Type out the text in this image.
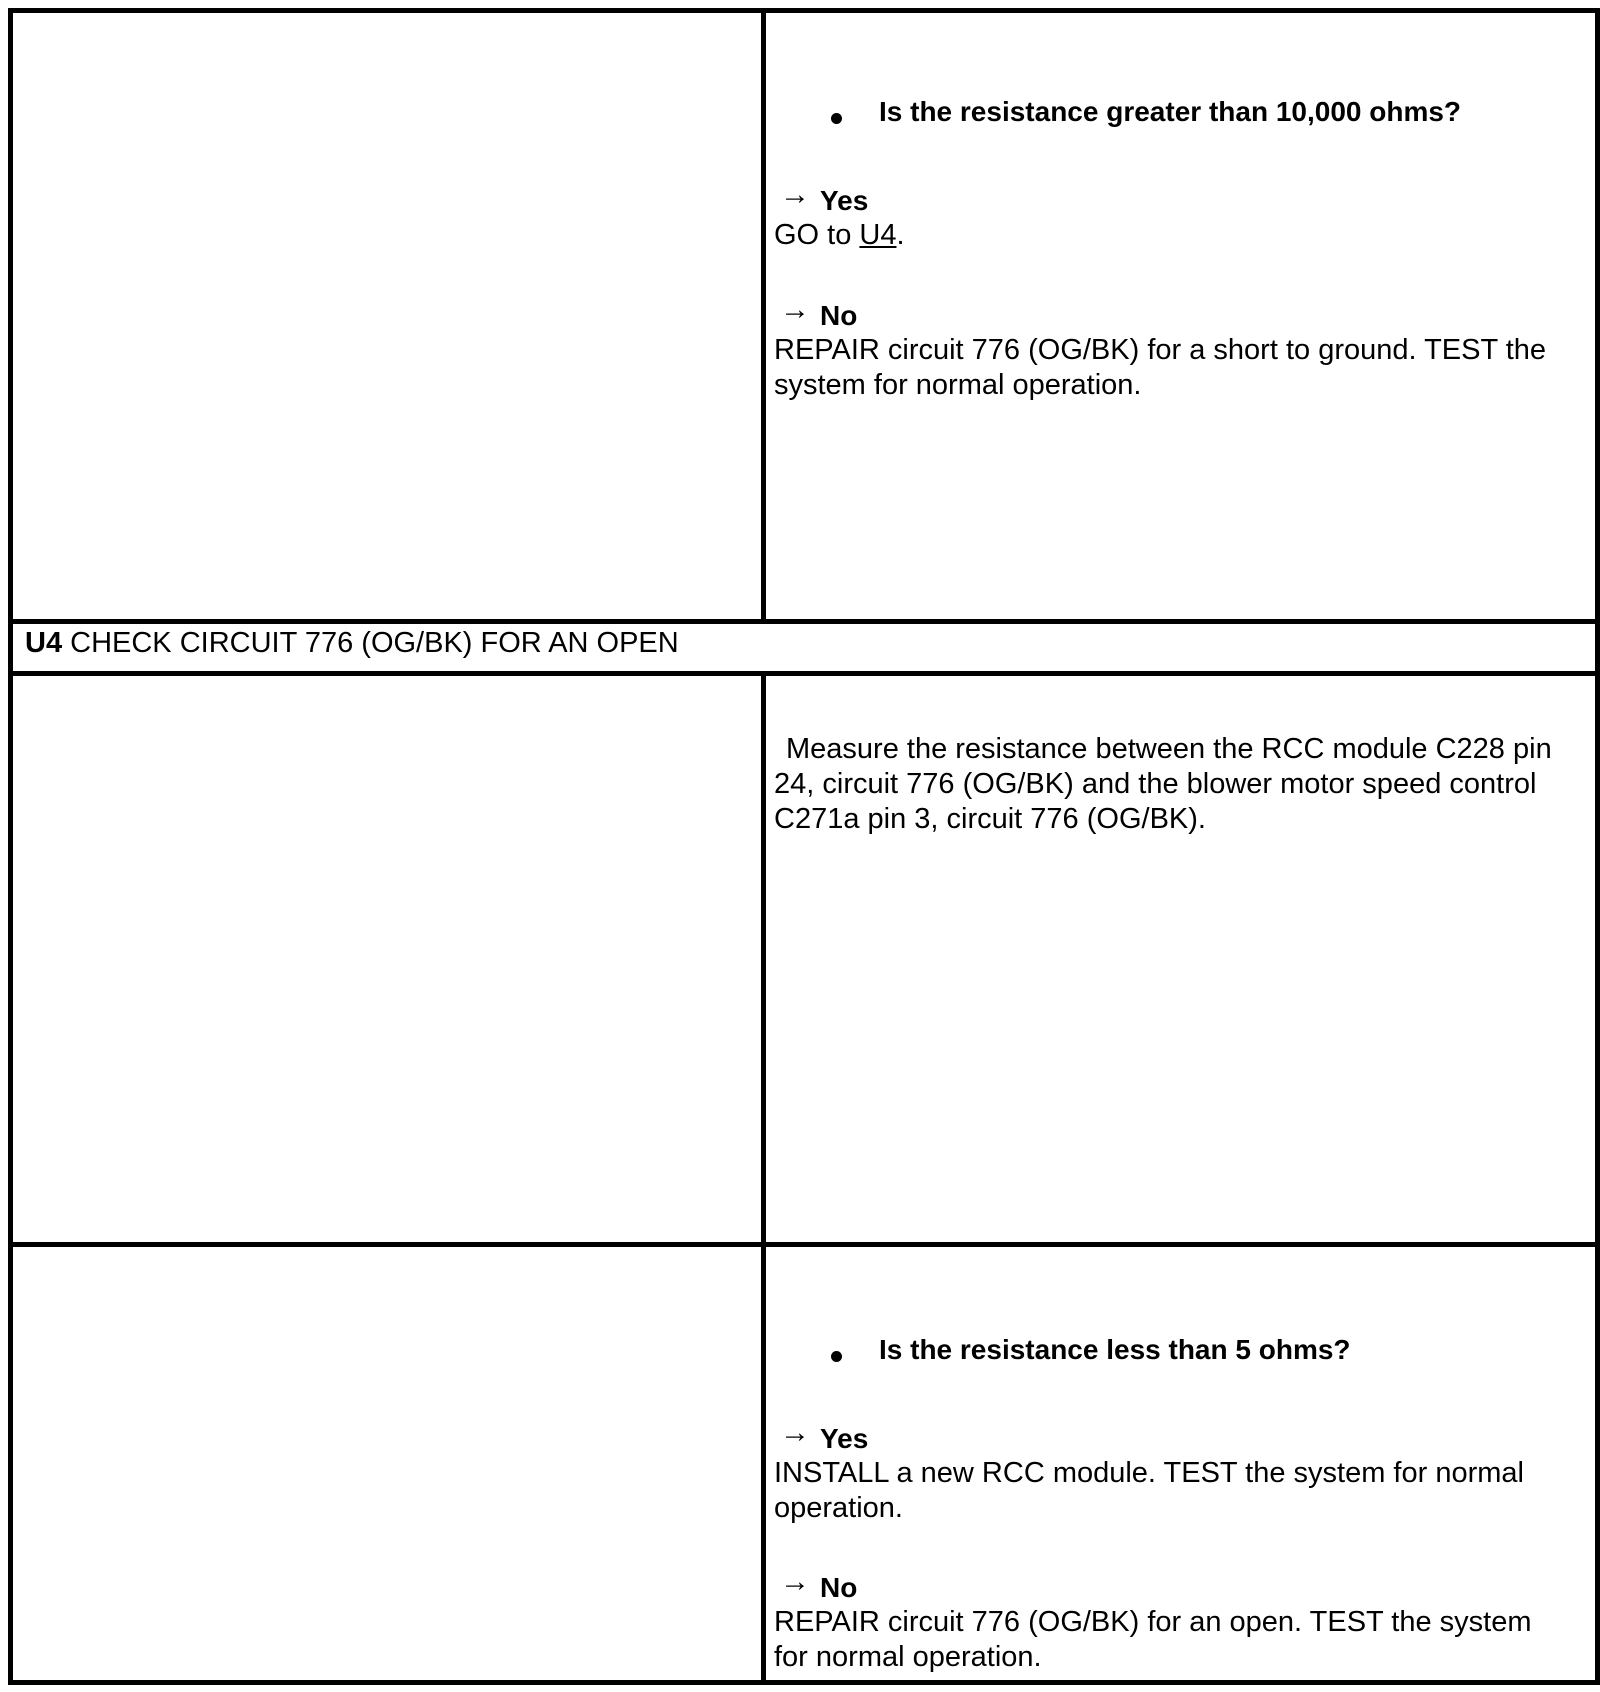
Is the resistance greater than 10,000 ohms?
→ Yes
GO to U4.
→ No
REPAIR circuit 776 (OG/BK) for a short to ground. TEST the
system for normal operation.
U4 CHECK CIRCUIT 776 (OG/BK) FOR AN OPEN
Measure the resistance between the RCC module C228 pin
24, circuit 776 (OG/BK) and the blower motor speed control
C271a pin 3, circuit 776 (OG/BK).
Is the resistance less than 5 ohms?
→ Yes
INSTALL a new RCC module. TEST the system for normal
operation.
→ No
REPAIR circuit 776 (OG/BK) for an open. TEST the system
for normal operation.
